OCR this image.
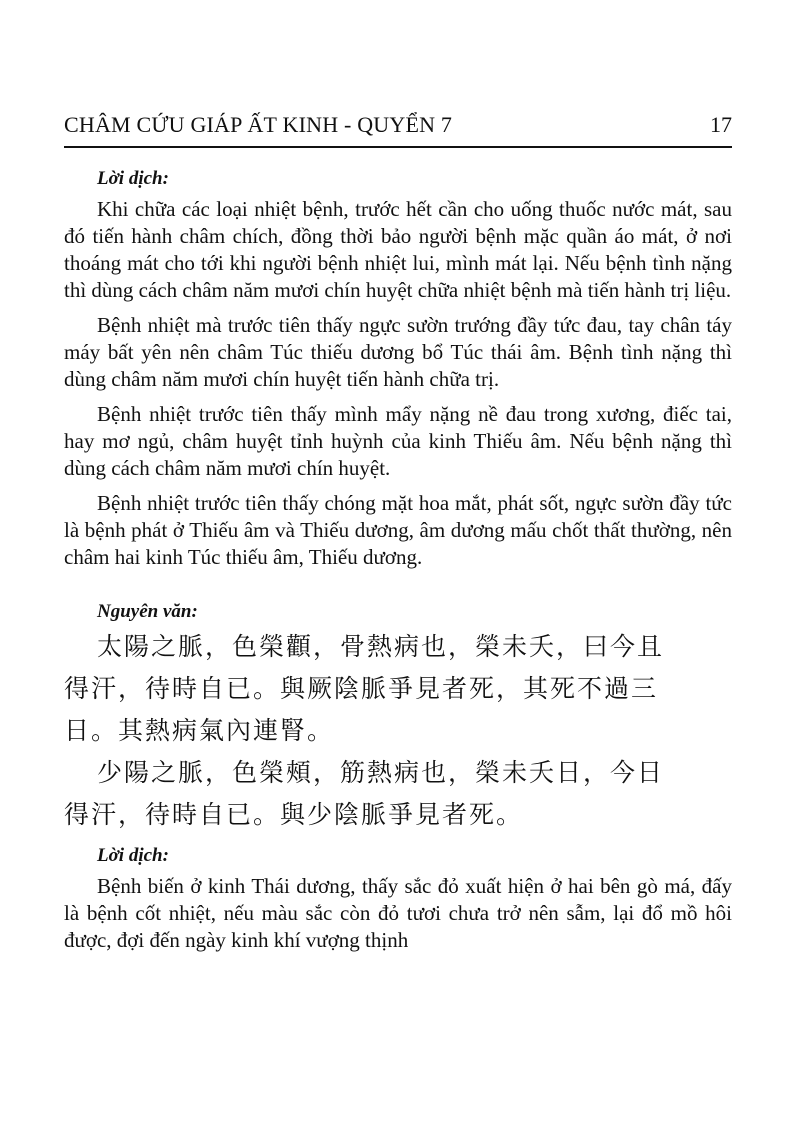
CHÂM CỨU GIÁP ẤT KINH - QUYỂN 7	17
Lời dịch:

Khi chữa các loại nhiệt bệnh, trước hết cần cho uống thuốc nước mát, sau đó tiến hành châm chích, đồng thời bảo người bệnh mặc quần áo mát, ở nơi thoáng mát cho tới khi người bệnh nhiệt lui, mình mát lại. Nếu bệnh tình nặng thì dùng cách châm năm mươi chín huyệt chữa nhiệt bệnh mà tiến hành trị liệu.

Bệnh nhiệt mà trước tiên thấy ngực sườn trướng đầy tức đau, tay chân táy máy bất yên nên châm Túc thiếu dương bổ Túc thái âm. Bệnh tình nặng thì dùng châm năm mươi chín huyệt tiến hành chữa trị.

Bệnh nhiệt trước tiên thấy mình mẩy nặng nề đau trong xương, điếc tai, hay mơ ngủ, châm huyệt tỉnh huỳnh của kinh Thiếu âm. Nếu bệnh nặng thì dùng cách châm năm mươi chín huyệt.

Bệnh nhiệt trước tiên thấy chóng mặt hoa mắt, phát sốt, ngực sườn đầy tức là bệnh phát ở Thiếu âm và Thiếu dương, âm dương mấu chốt thất thường, nên châm hai kinh Túc thiếu âm, Thiếu dương.

Nguyên văn:
太陽之脈，色榮顴，骨熱病也，榮未夭，曰今且
得汗，待時自已。與厥陰脈爭見者死，其死不過三
日。其熱病氣內連腎。
少陽之脈，色榮頰，筋熱病也，榮未夭日，今日
得汗，待時自已。與少陰脈爭見者死。
Lời dịch:

Bệnh biến ở kinh Thái dương, thấy sắc đỏ xuất hiện ở hai bên gò má, đấy là bệnh cốt nhiệt, nếu màu sắc còn đỏ tươi chưa trở nên sẫm, lại đổ mồ hôi được, đợi đến ngày kinh khí vượng thịnh
